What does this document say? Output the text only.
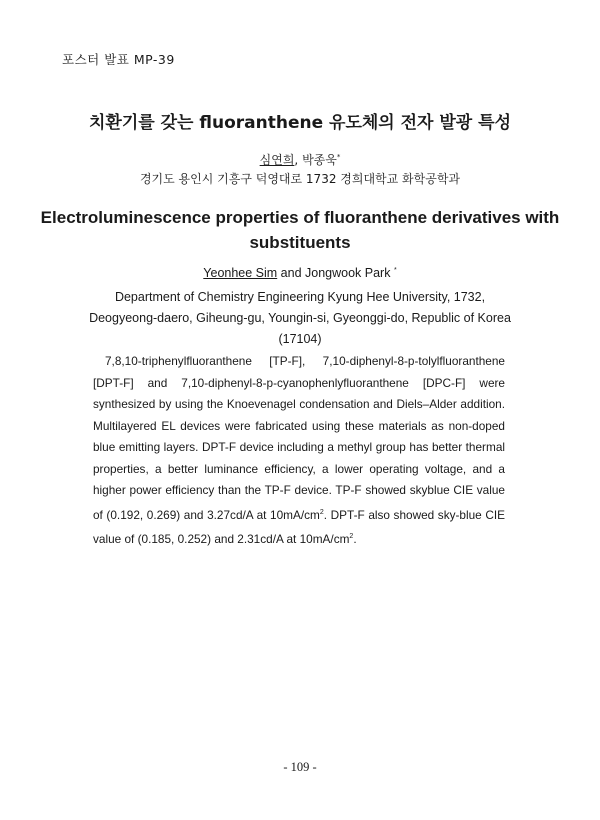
포스터 발표 MP-39
치환기를 갖는 fluoranthene 유도체의 전자 발광 특성
심연희, 박종욱*
경기도 용인시 기흥구 덕영대로 1732 경희대학교 화학공학과
Electroluminescence properties of fluoranthene derivatives with substituents
Yeonhee Sim and Jongwook Park *
Department of Chemistry Engineering Kyung Hee University, 1732,
Deogyeong-daero, Giheung-gu, Youngin-si, Gyeonggi-do, Republic of Korea
(17104)
7,8,10-triphenylfluoranthene [TP-F], 7,10-diphenyl-8-p-tolylfluoranthene [DPT-F] and 7,10-diphenyl-8-p-cyanophenlyfluoranthene [DPC-F] were synthesized by using the Knoevenagel condensation and Diels–Alder addition. Multilayered EL devices were fabricated using these materials as non-doped blue emitting layers. DPT-F device including a methyl group has better thermal properties, a better luminance efficiency, a lower operating voltage, and a higher power efficiency than the TP-F device. TP-F showed skyblue CIE value of (0.192, 0.269) and 3.27cd/A at $10mA/cm^2$. DPT-F also showed sky-blue CIE value of (0.185, 0.252) and 2.31cd/A at $10mA/cm^2$.
- 109 -
